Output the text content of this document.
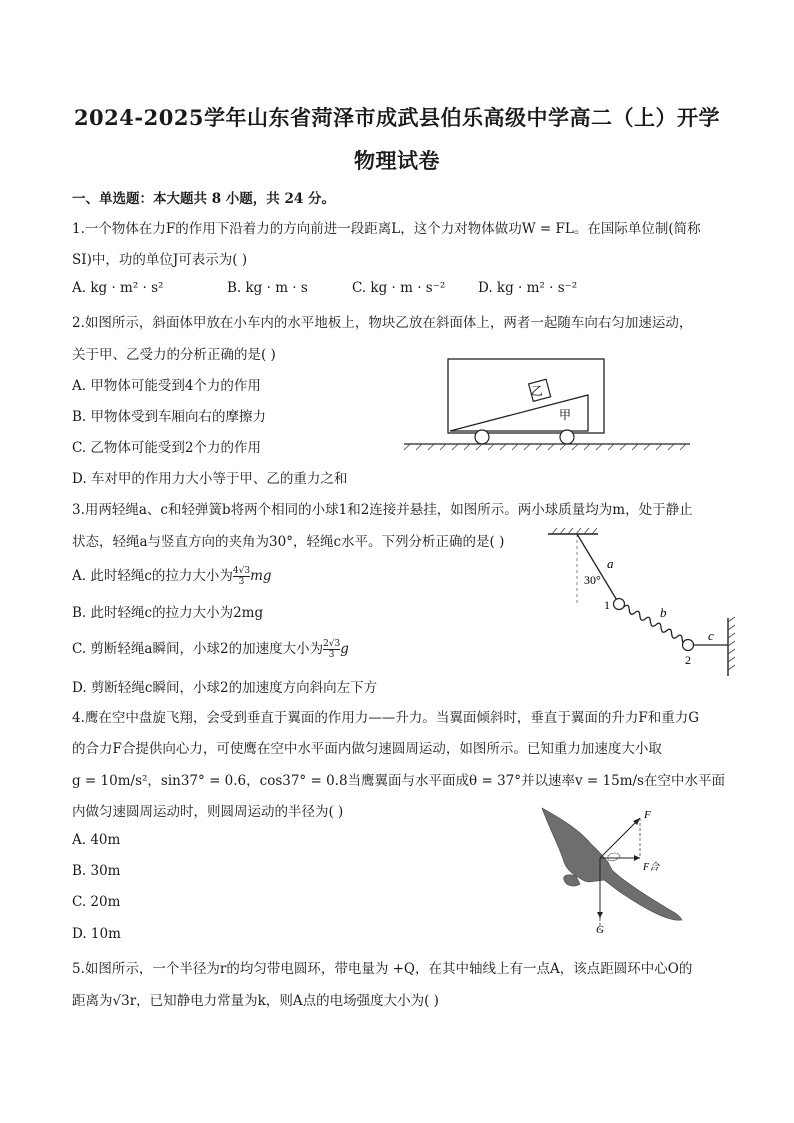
2024-2025学年山东省菏泽市成武县伯乐高级中学高二（上）开学
物理试卷
一、单选题：本大题共 8 小题，共 24 分。
1.一个物体在力F的作用下沿着力的方向前进一段距离L，这个力对物体做功W = FL。在国际单位制(简称
SI)中，功的单位J可表示为( )
A. kg · m² · s²	B. kg · m · s	C. kg · m · s⁻² D. kg · m² · s⁻²
2.如图所示，斜面体甲放在小车内的水平地板上，物块乙放在斜面体上，两者一起随车向右匀加速运动，
关于甲、乙受力的分析正确的是( )
A. 甲物体可能受到4个力的作用
B. 甲物体受到车厢向右的摩擦力
C. 乙物体可能受到2个力的作用
D. 车对甲的作用力大小等于甲、乙的重力之和
乙
甲
3.用两轻绳a、c和轻弹簧b将两个相同的小球1和2连接并悬挂，如图所示。两小球质量均为m，处于静止
状态，轻绳a与竖直方向的夹角为30°，轻绳c水平。下列分析正确的是( )
A. 此时轻绳c的拉力大小为 $\frac{4√3}{3}$ mg
B. 此时轻绳c的拉力大小为2mg
C. 剪断轻绳a瞬间，小球2的加速度大小为 $\frac{2√3}{3}$ g
D. 剪断轻绳c瞬间，小球2的加速度方向斜向左下方
30°
a
1	b
2
c
4.鹰在空中盘旋飞翔，会受到垂直于翼面的作用力——升力。当翼面倾斜时，垂直于翼面的升力F和重力G
的合力F合提供向心力，可使鹰在空中水平面内做匀速圆周运动，如图所示。已知重力加速度大小取
g = 10m/s²，sin37° = 0.6，cos37° = 0.8当鹰翼面与水平面成θ = 37°并以速率v = 15m/s在空中水平面
内做匀速圆周运动时，则圆周运动的半径为( )
A. 40m
B. 30m
C. 20m
D. 10m
F
F合
G
5.如图所示，一个半径为r的均匀带电圆环，带电量为 +Q，在其中轴线上有一点A，该点距圆环中心O的
距离为√3r，已知静电力常量为k，则A点的电场强度大小为( )
